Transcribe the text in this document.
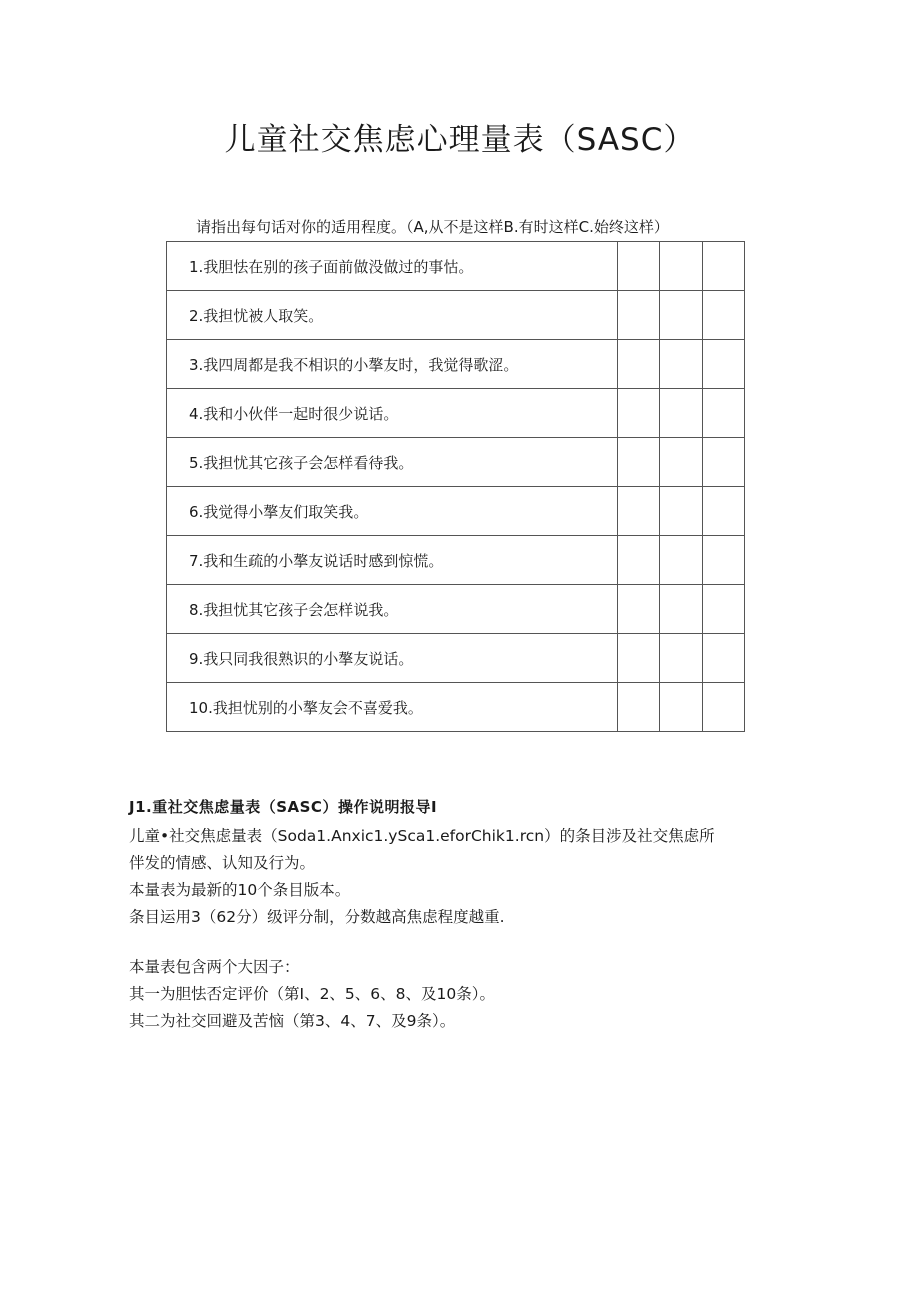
儿童社交焦虑心理量表（SASC）
请指出每句话对你的适用程度。（A,从不是这样B.有时这样C.始终这样）
1.我胆怯在别的孩子面前做没做过的事怙。			
2.我担忧被人取笑。			
3.我四周都是我不相识的小摮友时，我觉得歌涩。			
4.我和小伙伴一起时很少说话。			
5.我担忧其它孩子会怎样看待我。			
6.我觉得小摮友们取笑我。			
7.我和生疏的小摮友说话时感到惊慌。			
8.我担忧其它孩子会怎样说我。			
9.我只同我很熟识的小摮友说话。			
10.我担忧别的小摮友会不喜爱我。			
J1.重社交焦虑量表（SASC）操作说明报导I
儿童•社交焦虑量表（Soda1.Anxic1.ySca1.eforChik1.rcn）的条目涉及社交焦虑所
伴发的情感、认知及行为。
本量表为最新的10个条目版本。
条目运用3（62分）级评分制，分数越高焦虑程度越重.
本量表包含两个大因子：
其一为胆怯否定评价（第I、2、5、6、8、及10条）。
其二为社交回避及苦恼（第3、4、7、及9条）。
